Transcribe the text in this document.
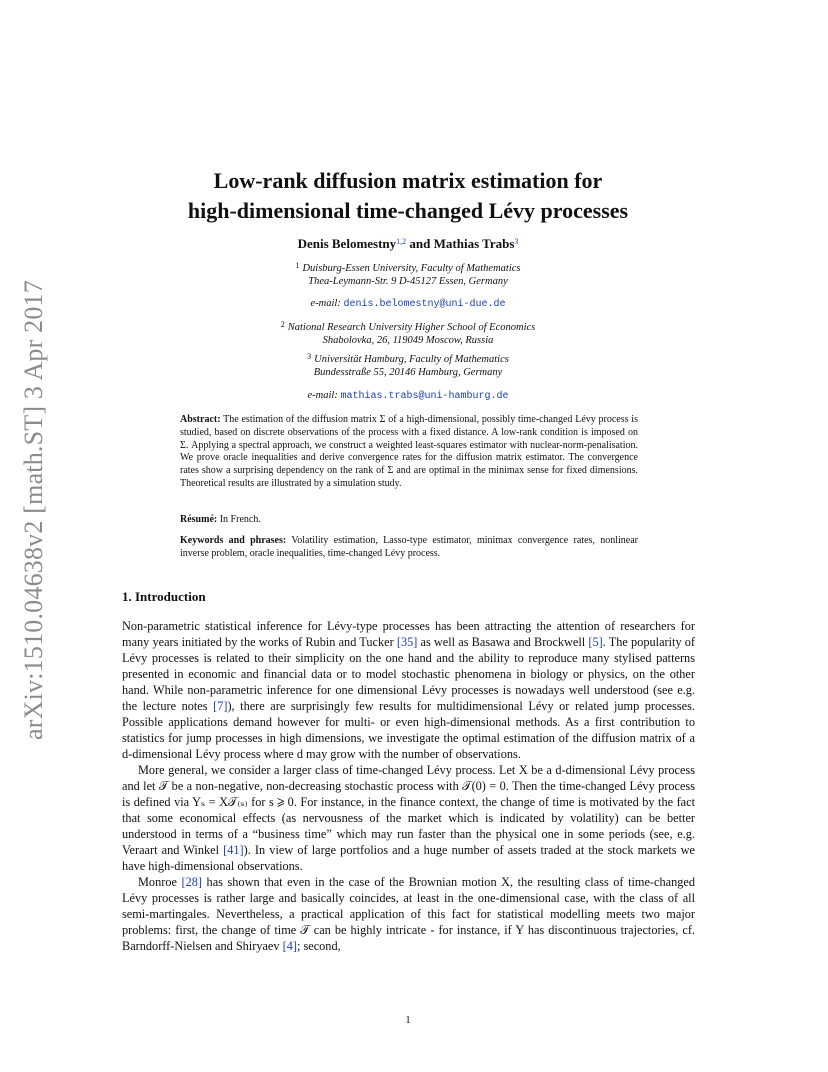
arXiv:1510.04638v2 [math.ST] 3 Apr 2017
Low-rank diffusion matrix estimation for
high-dimensional time-changed Lévy processes
Denis Belomestny$^{1,2}$ and Mathias Trabs$^3$
$^1$ Duisburg-Essen University, Faculty of Mathematics
Thea-Leymann-Str. 9 D-45127 Essen, Germany
e-mail: denis.belomestny@uni-due.de
$^2$ National Research University Higher School of Economics
Shabolovka, 26, 119049 Moscow, Russia
$^3$ Universität Hamburg, Faculty of Mathematics
Bundesstraße 55, 20146 Hamburg, Germany
e-mail: mathias.trabs@uni-hamburg.de
Abstract: The estimation of the diffusion matrix Σ of a high-dimensional, possibly time-changed Lévy process is studied, based on discrete observations of the process with a fixed distance. A low-rank condition is imposed on Σ. Applying a spectral approach, we construct a weighted least-squares estimator with nuclear-norm-penalisation. We prove oracle inequalities and derive convergence rates for the diffusion matrix estimator. The convergence rates show a surprising dependency on the rank of Σ and are optimal in the minimax sense for fixed dimensions. Theoretical results are illustrated by a simulation study.
Résumé: In French.
Keywords and phrases: Volatility estimation, Lasso-type estimator, minimax convergence rates, nonlinear inverse problem, oracle inequalities, time-changed Lévy process.
1. Introduction

Non-parametric statistical inference for Lévy-type processes has been attracting the attention of researchers for many years initiated by the works of Rubin and Tucker [35] as well as Basawa and Brockwell [5]. The popularity of Lévy processes is related to their simplicity on the one hand and the ability to reproduce many stylised patterns presented in economic and financial data or to model stochastic phenomena in biology or physics, on the other hand. While non-parametric inference for one dimensional Lévy processes is nowadays well understood (see e.g. the lecture notes [7]), there are surprisingly few results for multidimensional Lévy or related jump processes. Possible applications demand however for multi- or even high-dimensional methods. As a first contribution to statistics for jump processes in high dimensions, we investigate the optimal estimation of the diffusion matrix of a d-dimensional Lévy process where d may grow with the number of observations.

More general, we consider a larger class of time-changed Lévy process. Let X be a d-dimensional Lévy process and let 𝒯 be a non-negative, non-decreasing stochastic process with 𝒯(0) = 0. Then the time-changed Lévy process is defined via Yₛ = X𝒯₍ₛ₎ for s ⩾ 0. For instance, in the finance context, the change of time is motivated by the fact that some economical effects (as nervousness of the market which is indicated by volatility) can be better understood in terms of a “business time” which may run faster than the physical one in some periods (see, e.g. Veraart and Winkel [41]). In view of large portfolios and a huge number of assets traded at the stock markets we have high-dimensional observations.

Monroe [28] has shown that even in the case of the Brownian motion X, the resulting class of time-changed Lévy processes is rather large and basically coincides, at least in the one-dimensional case, with the class of all semi-martingales. Nevertheless, a practical application of this fact for statistical modelling meets two major problems: first, the change of time 𝒯 can be highly intricate - for instance, if Y has discontinuous trajectories, cf. Barndorff-Nielsen and Shiryaev [4]; second,

1
